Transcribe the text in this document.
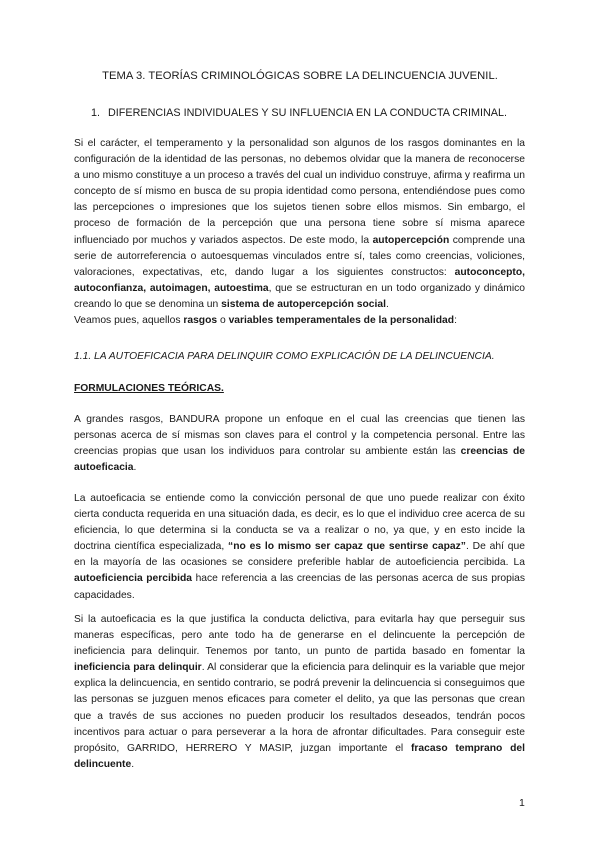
TEMA 3. TEORÍAS CRIMINOLÓGICAS SOBRE LA DELINCUENCIA JUVENIL.
1. DIFERENCIAS INDIVIDUALES Y SU INFLUENCIA EN LA CONDUCTA CRIMINAL.

Si el carácter, el temperamento y la personalidad son algunos de los rasgos dominantes en la configuración de la identidad de las personas, no debemos olvidar que la manera de reconocerse a uno mismo constituye a un proceso a través del cual un individuo construye, afirma y reafirma un concepto de sí mismo en busca de su propia identidad como persona, entendiéndose pues como las percepciones o impresiones que los sujetos tienen sobre ellos mismos. Sin embargo, el proceso de formación de la percepción que una persona tiene sobre sí misma aparece influenciado por muchos y variados aspectos. De este modo, la autopercepción comprende una serie de autorreferencia o autoesquemas vinculados entre sí, tales como creencias, voliciones, valoraciones, expectativas, etc, dando lugar a los siguientes constructos: autoconcepto, autoconfianza, autoimagen, autoestima, que se estructuran en un todo organizado y dinámico creando lo que se denomina un sistema de autopercepción social.

Veamos pues, aquellos rasgos o variables temperamentales de la personalidad:

1.1. LA AUTOEFICACIA PARA DELINQUIR COMO EXPLICACIÓN DE LA DELINCUENCIA.
FORMULACIONES TEÓRICAS.

A grandes rasgos, BANDURA propone un enfoque en el cual las creencias que tienen las personas acerca de sí mismas son claves para el control y la competencia personal. Entre las creencias propias que usan los individuos para controlar su ambiente están las creencias de autoeficacia.

La autoeficacia se entiende como la convicción personal de que uno puede realizar con éxito cierta conducta requerida en una situación dada, es decir, es lo que el individuo cree acerca de su eficiencia, lo que determina si la conducta se va a realizar o no, ya que, y en esto incide la doctrina científica especializada, “no es lo mismo ser capaz que sentirse capaz”. De ahí que en la mayoría de las ocasiones se considere preferible hablar de autoeficiencia percibida. La autoeficiencia percibida hace referencia a las creencias de las personas acerca de sus propias capacidades.

Si la autoeficacia es la que justifica la conducta delictiva, para evitarla hay que perseguir sus maneras específicas, pero ante todo ha de generarse en el delincuente la percepción de ineficiencia para delinquir. Tenemos por tanto, un punto de partida basado en fomentar la ineficiencia para delinquir. Al considerar que la eficiencia para delinquir es la variable que mejor explica la delincuencia, en sentido contrario, se podrá prevenir la delincuencia si conseguimos que las personas se juzguen menos eficaces para cometer el delito, ya que las personas que crean que a través de sus acciones no pueden producir los resultados deseados, tendrán pocos incentivos para actuar o para perseverar a la hora de afrontar dificultades. Para conseguir este propósito, GARRIDO, HERRERO Y MASIP, juzgan importante el fracaso temprano del delincuente.

1
